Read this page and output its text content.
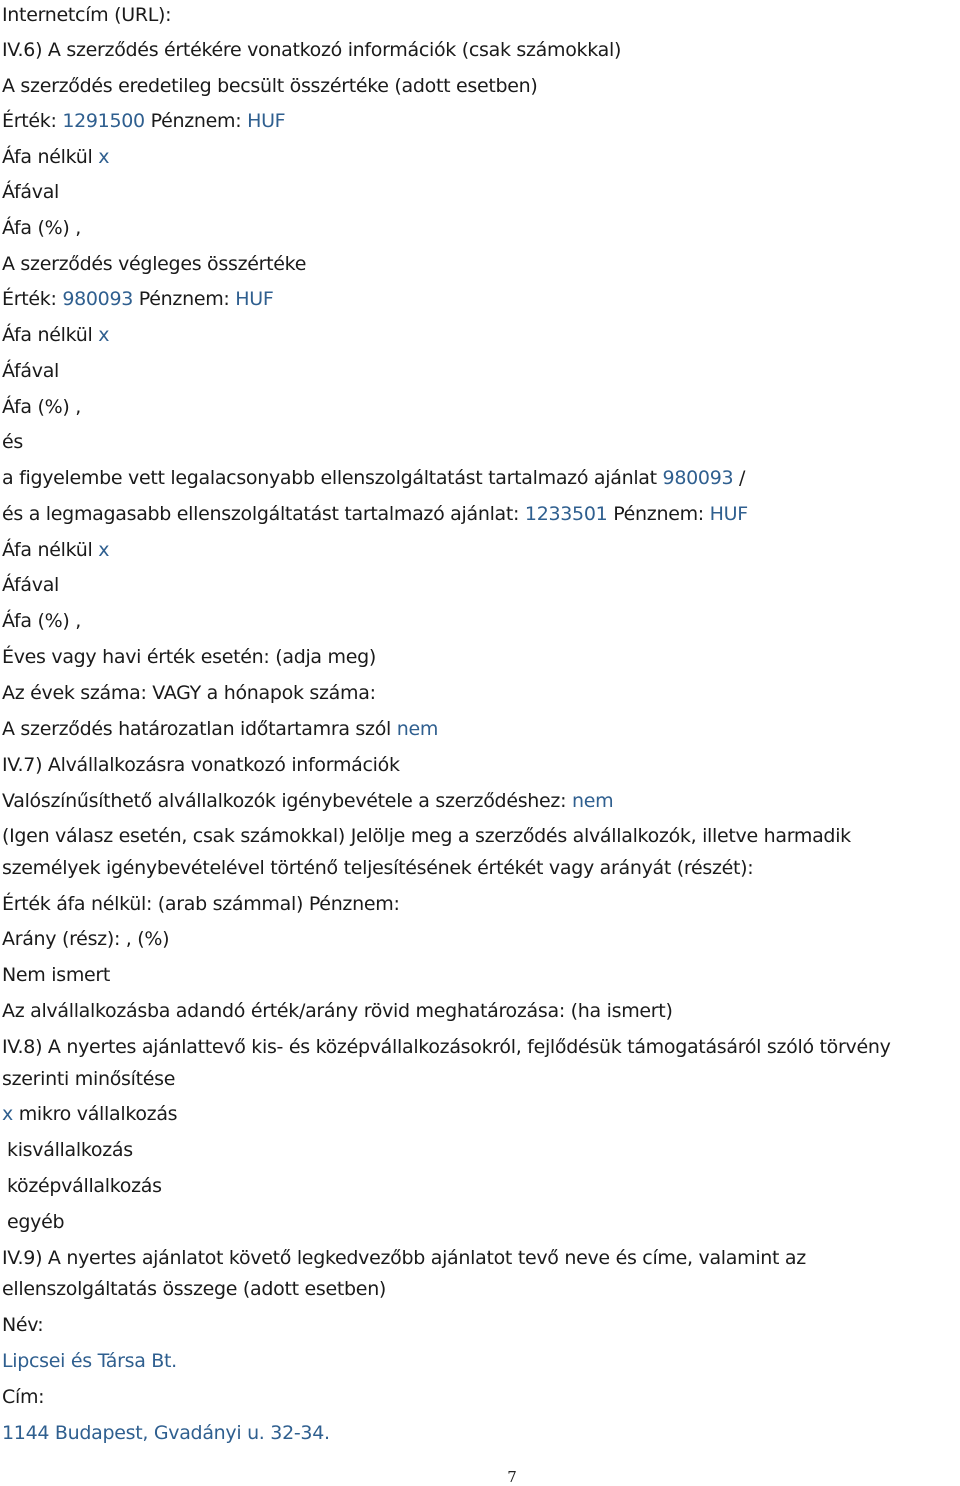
Internetcím (URL):
IV.6) A szerződés értékére vonatkozó információk (csak számokkal)
A szerződés eredetileg becsült összértéke (adott esetben)
Érték: 1291500 Pénznem: HUF
Áfa nélkül x
Áfával
Áfa (%) ,
A szerződés végleges összértéke
Érték: 980093 Pénznem: HUF
Áfa nélkül x
Áfával
Áfa (%) ,
és
a figyelembe vett legalacsonyabb ellenszolgáltatást tartalmazó ajánlat 980093 /
és a legmagasabb ellenszolgáltatást tartalmazó ajánlat: 1233501 Pénznem: HUF
Áfa nélkül x
Áfával
Áfa (%) ,
Éves vagy havi érték esetén: (adja meg)
Az évek száma: VAGY a hónapok száma:
A szerződés határozatlan időtartamra szól nem
IV.7) Alvállalkozásra vonatkozó információk
Valószínűsíthető alvállalkozók igénybevétele a szerződéshez: nem
(Igen válasz esetén, csak számokkal) Jelölje meg a szerződés alvállalkozók, illetve harmadik
személyek igénybevételével történő teljesítésének értékét vagy arányát (részét):
Érték áfa nélkül: (arab számmal) Pénznem:
Arány (rész): , (%)
Nem ismert
Az alvállalkozásba adandó érték/arány rövid meghatározása: (ha ismert)
IV.8) A nyertes ajánlattevő kis- és középvállalkozásokról, fejlődésük támogatásáról szóló törvény
szerinti minősítése
x mikro vállalkozás
kisvállalkozás
középvállalkozás
egyéb
IV.9) A nyertes ajánlatot követő legkedvezőbb ajánlatot tevő neve és címe, valamint az
ellenszolgáltatás összege (adott esetben)
Név:
Lipcsei és Társa Bt.
Cím:
1144 Budapest, Gvadányi u. 32-34.
7
